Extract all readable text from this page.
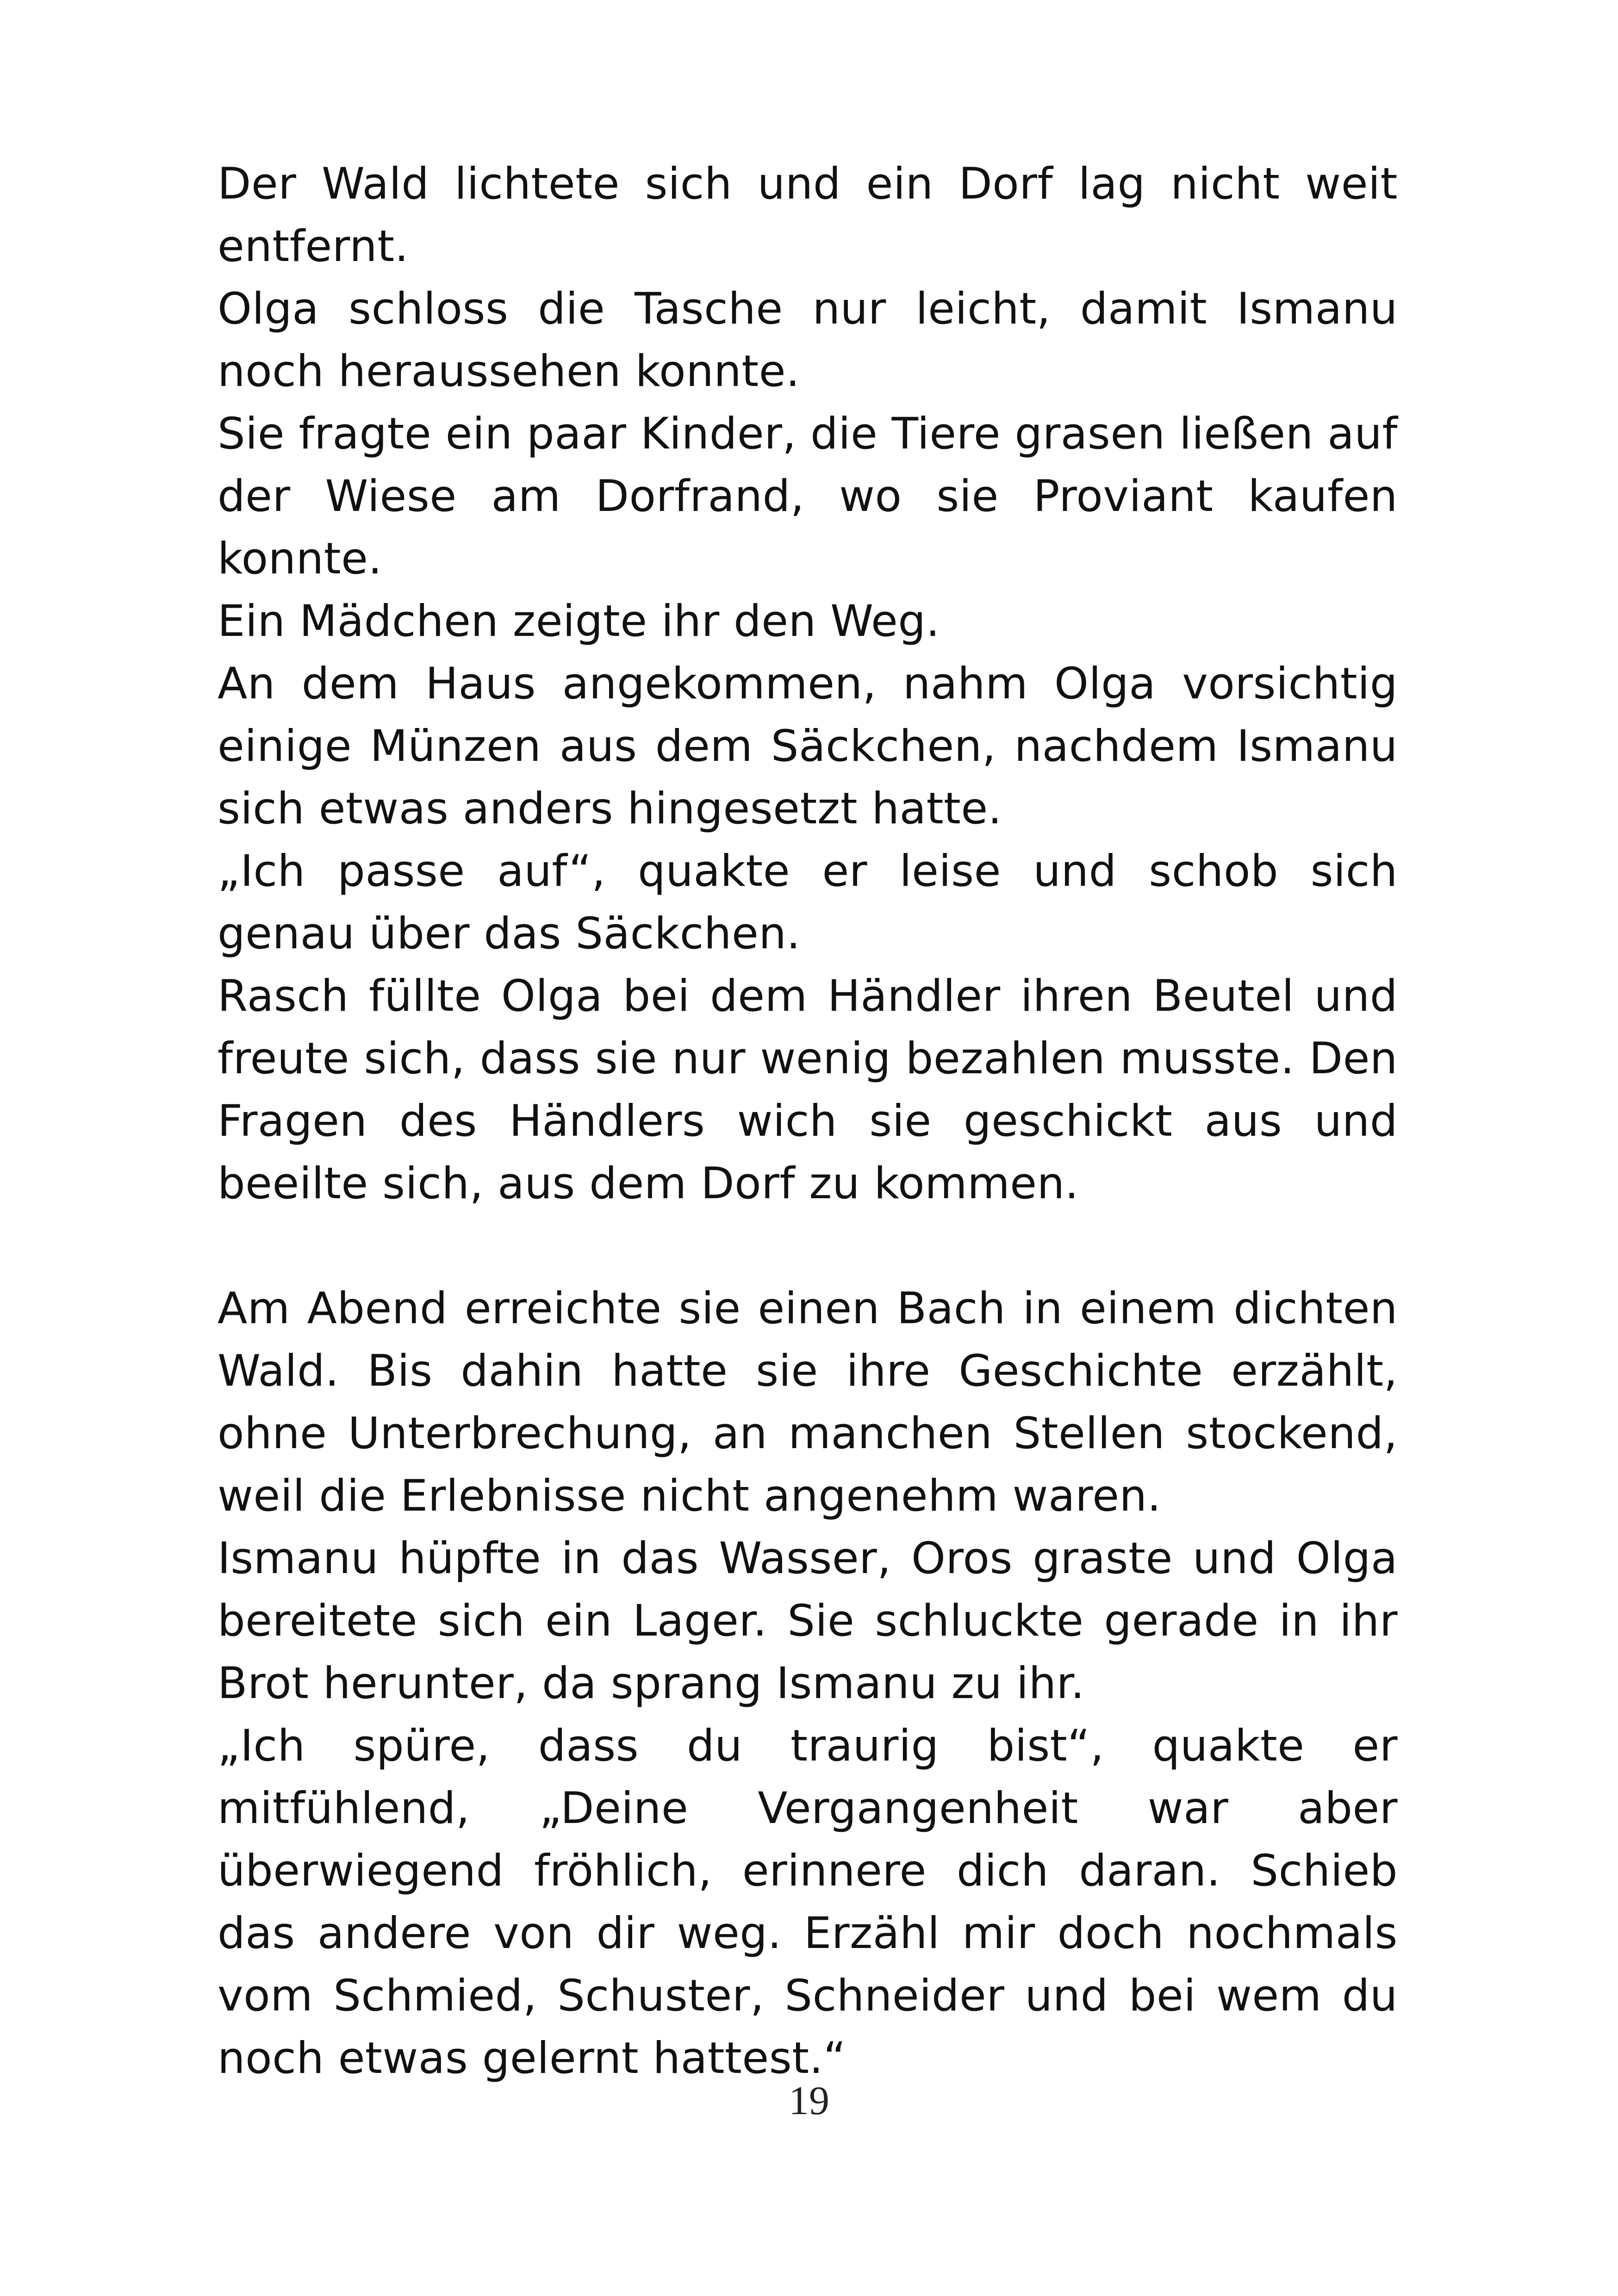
Der Wald lichtete sich und ein Dorf lag nicht weit entfernt.

Olga schloss die Tasche nur leicht, damit Ismanu noch heraussehen konnte.

Sie fragte ein paar Kinder, die Tiere grasen ließen auf der Wiese am Dorfrand, wo sie Proviant kaufen konnte.

Ein Mädchen zeigte ihr den Weg.

An dem Haus angekommen, nahm Olga vorsichtig einige Münzen aus dem Säckchen, nachdem Ismanu sich etwas anders hingesetzt hatte.

„Ich passe auf“, quakte er leise und schob sich genau über das Säckchen.

Rasch füllte Olga bei dem Händler ihren Beutel und freute sich, dass sie nur wenig bezahlen musste. Den Fragen des Händlers wich sie geschickt aus und beeilte sich, aus dem Dorf zu kommen.

Am Abend erreichte sie einen Bach in einem dichten Wald. Bis dahin hatte sie ihre Geschichte erzählt, ohne Unterbrechung, an manchen Stellen stockend, weil die Erlebnisse nicht angenehm waren.

Ismanu hüpfte in das Wasser, Oros graste und Olga bereitete sich ein Lager. Sie schluckte gerade in ihr Brot herunter, da sprang Ismanu zu ihr.

„Ich spüre, dass du traurig bist“, quakte er mitfühlend, „Deine Vergangenheit war aber überwiegend fröhlich, erinnere dich daran. Schieb das andere von dir weg. Erzähl mir doch nochmals vom Schmied, Schuster, Schneider und bei wem du noch etwas gelernt hattest.“

19
